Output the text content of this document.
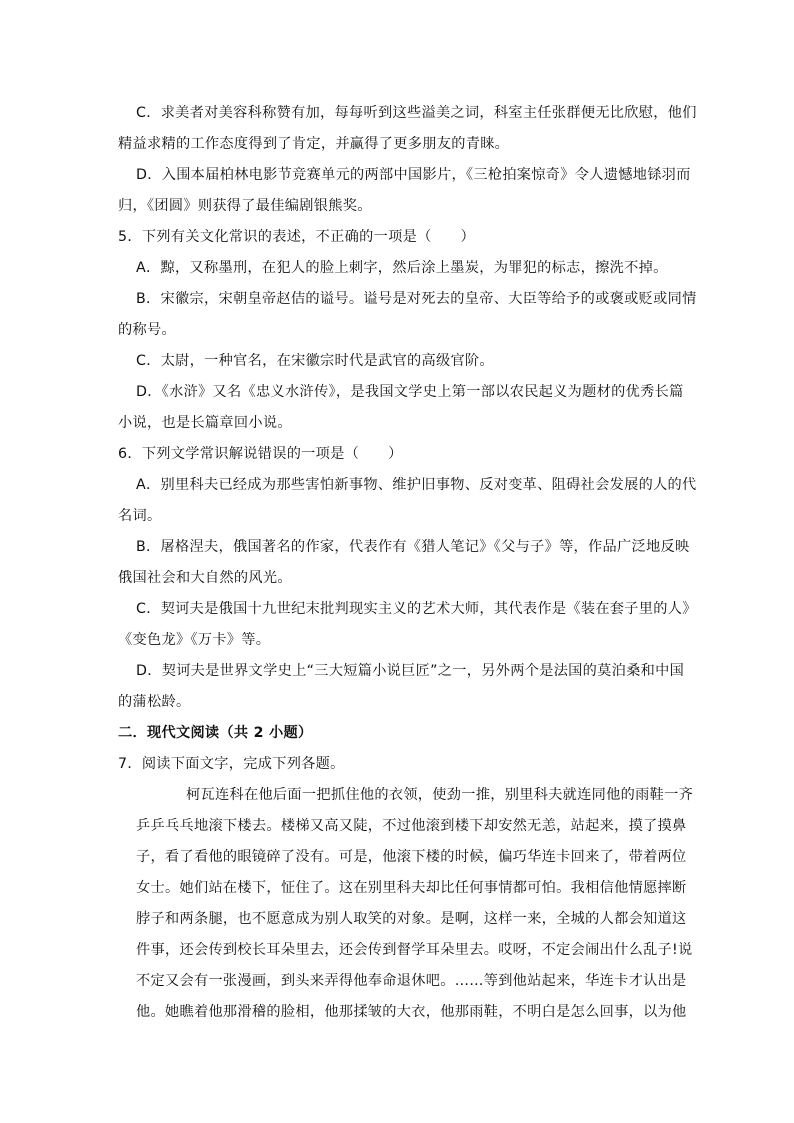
C．求美者对美容科称赞有加，每每听到这些溢美之词，科室主任张群便无比欣慰，他们
精益求精的工作态度得到了肯定，并赢得了更多朋友的青睐。
D．入围本届柏林电影节竞赛单元的两部中国影片，《三枪拍案惊奇》令人遗憾地铩羽而
归，《团圆》则获得了最佳编剧银熊奖。
5．下列有关文化常识的表述，不正确的一项是（　　）
A．黥，又称墨刑，在犯人的脸上刺字，然后涂上墨炭，为罪犯的标志，擦洗不掉。
B．宋徽宗，宋朝皇帝赵佶的谥号。谥号是对死去的皇帝、大臣等给予的或褒或贬或同情
的称号。
C．太尉，一种官名，在宋徽宗时代是武官的高级官阶。
D．《水浒》又名《忠义水浒传》，是我国文学史上第一部以农民起义为题材的优秀长篇
小说，也是长篇章回小说。
6．下列文学常识解说错误的一项是（　　）
A．别里科夫已经成为那些害怕新事物、维护旧事物、反对变革、阻碍社会发展的人的代
名词。
B．屠格涅夫，俄国著名的作家，代表作有《猎人笔记》《父与子》等，作品广泛地反映
俄国社会和大自然的风光。
C．契诃夫是俄国十九世纪末批判现实主义的艺术大师，其代表作是《装在套子里的人》
《变色龙》《万卡》等。
D．契诃夫是世界文学史上“三大短篇小说巨匠”之一，另外两个是法国的莫泊桑和中国
的蒲松龄。
二．现代文阅读（共 2 小题）
7．阅读下面文字，完成下列各题。
柯瓦连科在他后面一把抓住他的衣领，使劲一推，别里科夫就连同他的雨鞋一齐
乒乒乓乓地滚下楼去。楼梯又高又陡，不过他滚到楼下却安然无恙，站起来，摸了摸鼻
子，看了看他的眼镜碎了没有。可是，他滚下楼的时候，偏巧华连卡回来了，带着两位
女士。她们站在楼下，怔住了。这在别里科夫却比任何事情都可怕。我相信他情愿摔断
脖子和两条腿，也不愿意成为别人取笑的对象。是啊，这样一来，全城的人都会知道这
件事，还会传到校长耳朵里去，还会传到督学耳朵里去。哎呀，不定会闹出什么乱子!说
不定又会有一张漫画，到头来弄得他奉命退休吧。……等到他站起来，华连卡才认出是
他。她瞧着他那滑稽的脸相，他那揉皱的大衣，他那雨鞋，不明白是怎么回事，以为他
